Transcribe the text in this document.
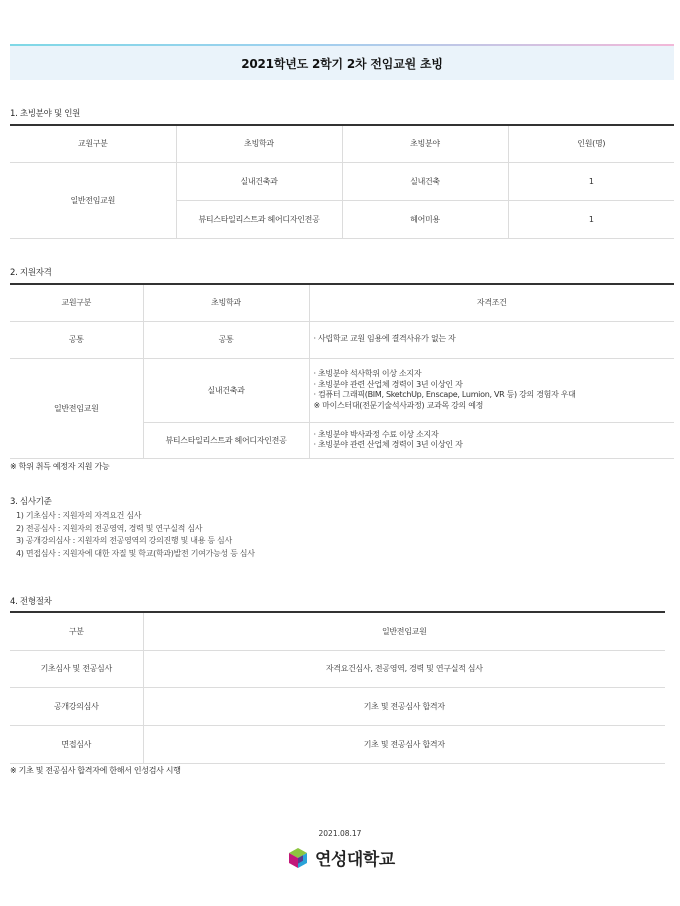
2021학년도 2학기 2차 전임교원 초빙
1. 초빙분야 및 인원
교원구분	초빙학과	초빙분야	인원(명)
일반전임교원	실내건축과	실내건축	1
	뷰티스타일리스트과 헤어디자인전공	헤어미용	1
2. 지원자격
교원구분	초빙학과	자격조건
공통	공통	· 사립학교 교원 임용에 결격사유가 없는 자
일반전임교원	실내건축과	· 초빙분야 석사학위 이상 소지자
· 초빙분야 관련 산업체 경력이 3년 이상인 자
· 컴퓨터 그래픽(BIM, SketchUp, Enscape, Lumion, VR 등) 강의 경험자 우대
※ 마이스터대(전문기술석사과정) 교과목 강의 예정

	뷰티스타일리스트과 헤어디자인전공	· 초빙분야 박사과정 수료 이상 소지자
· 초빙분야 관련 산업체 경력이 3년 이상인 자
※ 학위 취득 예정자 지원 가능
3. 심사기준
1) 기초심사 : 지원자의 자격요건 심사
2) 전공심사 : 지원자의 전공영역, 경력 및 연구실적 심사
3) 공개강의심사 : 지원자의 전공영역의 강의진행 및 내용 등 심사
4) 면접심사 : 지원자에 대한 자질 및 학교(학과)발전 기여가능성 등 심사
4. 전형절차
구분	일반전임교원
기초심사 및 전공심사	자격요건심사, 전공영역, 경력 및 연구실적 심사
공개강의심사	기초 및 전공심사 합격자
면접심사	기초 및 전공심사 합격자
※ 기초 및 전공심사 합격자에 한해서 인성검사 시행
2021.08.17
연성대학교
